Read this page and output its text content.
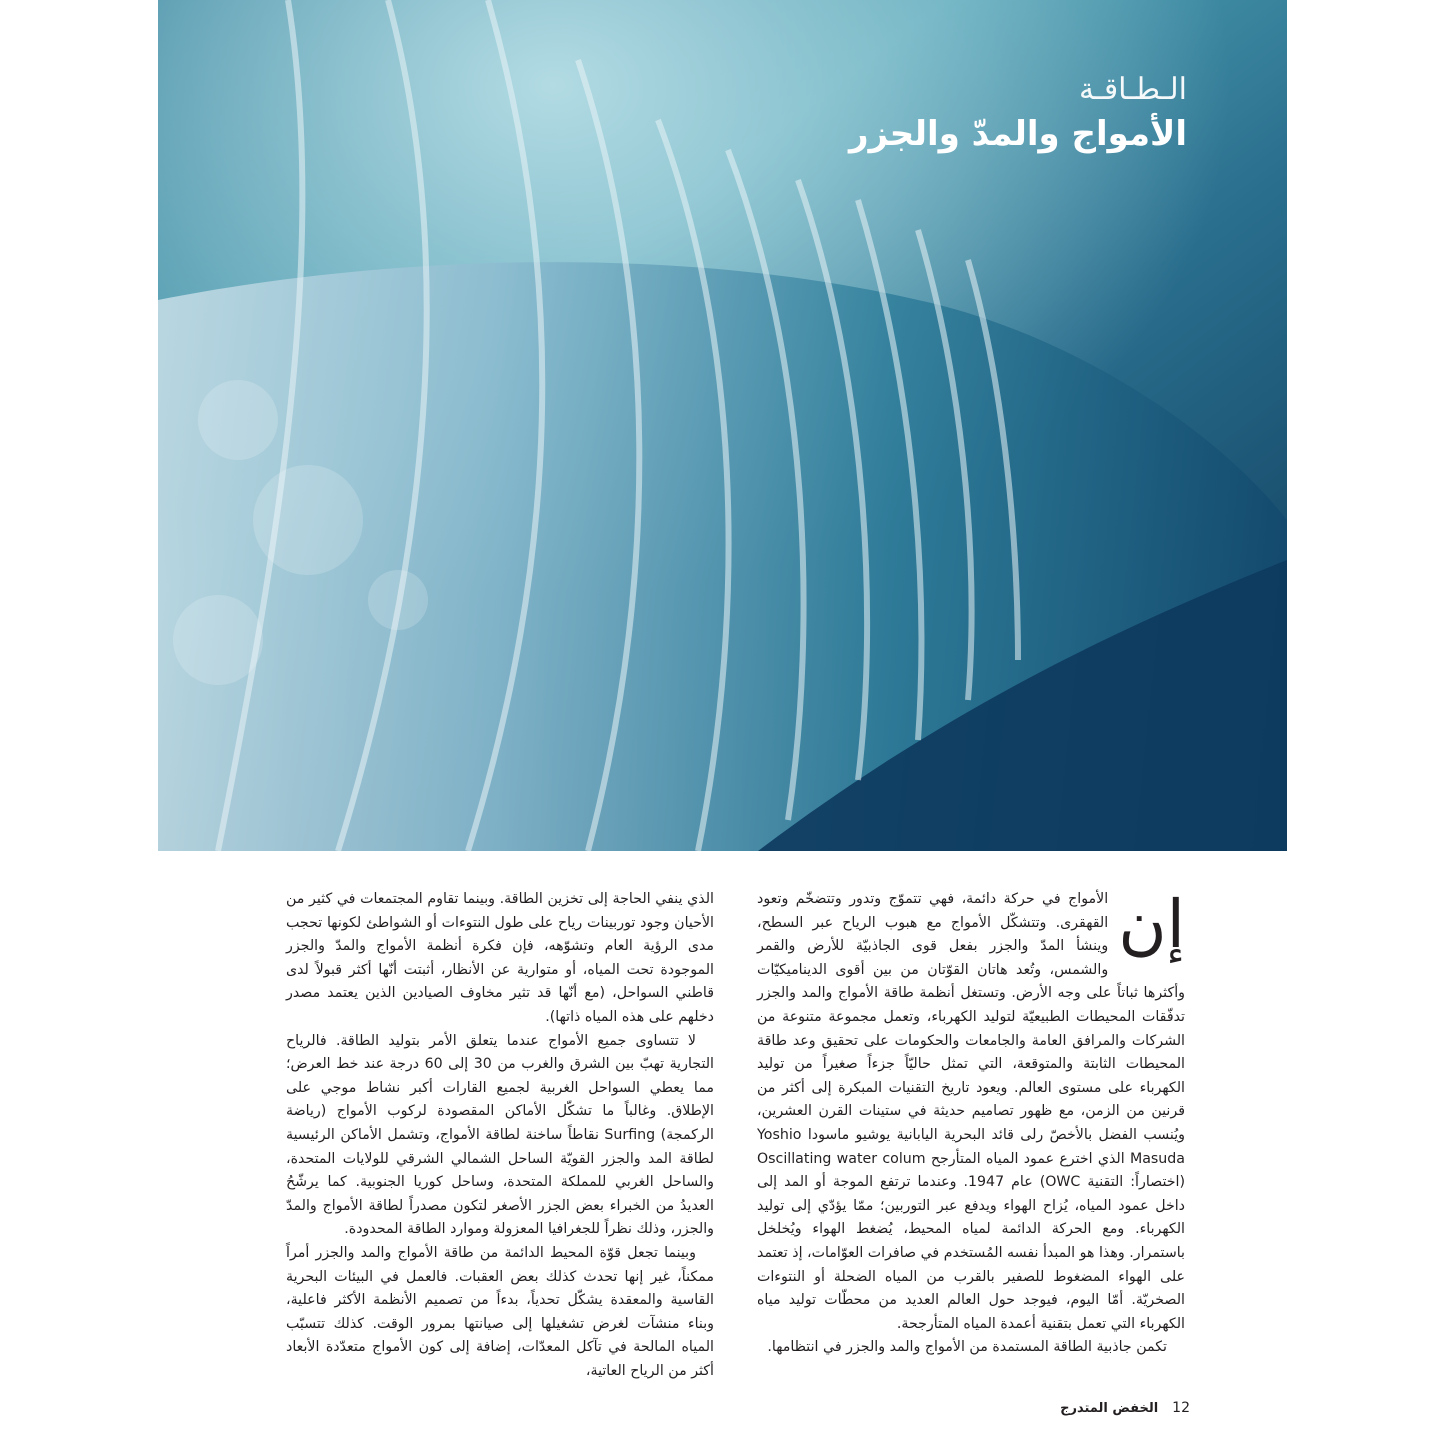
الـطـاقـة
الأمواج والمدّ والجزر
إن

الأمواج في حركة دائمة، فهي تتموّج وتدور وتتضخّم وتعود القهقرى. وتتشكّل الأمواج مع هبوب الرياح عبر السطح، وينشأ المدّ والجزر بفعل قوى الجاذبيّة للأرض والقمر والشمس، وتُعد هاتان القوّتان من بين أقوى الديناميكيّات وأكثرها ثباتاً على وجه الأرض. وتستغل أنظمة طاقة الأمواج والمد والجزر تدفّقات المحيطات الطبيعيّة لتوليد الكهرباء، وتعمل مجموعة متنوعة من الشركات والمرافق العامة والجامعات والحكومات على تحقيق وعد طاقة المحيطات الثابتة والمتوقعة، التي تمثل حاليّاً جزءاً صغيراً من توليد الكهرباء على مستوى العالم. ويعود تاريخ التقنيات المبكرة إلى أكثر من قرنين من الزمن، مع ظهور تصاميم حديثة في ستينات القرن العشرين، ويُنسب الفضل بالأخصّ رلى قائد البحرية اليابانية يوشيو ماسودا Yoshio Masuda الذي اخترع عمود المياه المتأرجح Oscillating water colum (اختصاراً: التقنية OWC) عام 1947. وعندما ترتفع الموجة أو المد إلى داخل عمود المياه، يُزاح الهواء ويدفع عبر التوربين؛ ممّا يؤدّي إلى توليد الكهرباء. ومع الحركة الدائمة لمياه المحيط، يُضغط الهواء ويُخلخل باستمرار. وهذا هو المبدأ نفسه المُستخدم في صافرات العوّامات، إذ تعتمد على الهواء المضغوط للصفير بالقرب من المياه الضحلة أو النتوءات الصخريّة. أمّا اليوم، فيوجد حول العالم العديد من محطّات توليد مياه الكهرباء التي تعمل بتقنية أعمدة المياه المتأرجحة.

تكمن جاذبية الطاقة المستمدة من الأمواج والمد والجزر في انتظامها.

الذي ينفي الحاجة إلى تخزين الطاقة. وبينما تقاوم المجتمعات في كثير من الأحيان وجود توربينات رياح على طول النتوءات أو الشواطئ لكونها تحجب مدى الرؤية العام وتشوّهه، فإن فكرة أنظمة الأمواج والمدّ والجزر الموجودة تحت المياه، أو متوارية عن الأنظار، أثبتت أنّها أكثر قبولاً لدى قاطني السواحل، (مع أنّها قد تثير مخاوف الصيادين الذين يعتمد مصدر دخلهم على هذه المياه ذاتها).

لا تتساوى جميع الأمواج عندما يتعلق الأمر بتوليد الطاقة. فالرياح التجارية تهبّ بين الشرق والغرب من 30 إلى 60 درجة عند خط العرض؛ مما يعطي السواحل الغربية لجميع القارات أكبر نشاط موجي على الإطلاق. وغالباً ما تشكّل الأماكن المقصودة لركوب الأمواج (رياضة الركمجة) Surfing نقاطاً ساخنة لطاقة الأمواج، وتشمل الأماكن الرئيسية لطاقة المد والجزر القويّة الساحل الشمالي الشرقي للولايات المتحدة، والساحل الغربي للمملكة المتحدة، وساحل كوريا الجنوبية. كما يرشّحُ العديدُ من الخبراء بعض الجزر الأصغر لتكون مصدراً لطاقة الأمواج والمدّ والجزر، وذلك نظراً للجغرافيا المعزولة وموارد الطاقة المحدودة.

وبينما تجعل قوّة المحيط الدائمة من طاقة الأمواج والمد والجزر أمراً ممكناً، غير إنها تحدث كذلك بعض العقبات. فالعمل في البيئات البحرية القاسية والمعقدة يشكّل تحدياً، بدءاً من تصميم الأنظمة الأكثر فاعلية، وبناء منشآت لغرض تشغيلها إلى صيانتها بمرور الوقت. كذلك تتسبّب المياه المالحة في تآكل المعدّات، إضافة إلى كون الأمواج متعدّدة الأبعاد أكثر من الرياح العاتية،

12
الخفض المتدرج
